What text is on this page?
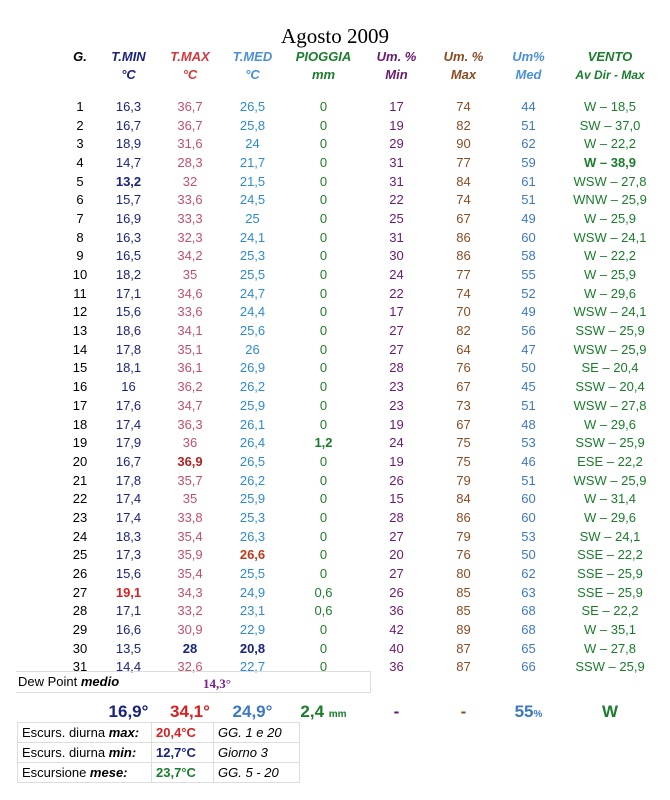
Agosto 2009
G.	T.MIN	T.MAX	T.MED	PIOGGIA	Um. %	Um. %	Um%	VENTO
	°C	°C	°C	mm	Min	Max	Med	Av Dir - Max

1	16,3	36,7	26,5	0	17	74	44	W – 18,5
2	16,7	36,7	25,8	0	19	82	51	SW – 37,0
3	18,9	31,6	24	0	29	90	62	W – 22,2
4	14,7	28,3	21,7	0	31	77	59	W – 38,9
5	13,2	32	21,5	0	31	84	61	WSW – 27,8
6	15,7	33,6	24,5	0	22	74	51	WNW – 25,9
7	16,9	33,3	25	0	25	67	49	W – 25,9
8	16,3	32,3	24,1	0	31	86	60	WSW – 24,1
9	16,5	34,2	25,3	0	30	86	58	W – 22,2
10	18,2	35	25,5	0	24	77	55	W – 25,9
11	17,1	34,6	24,7	0	22	74	52	W – 29,6
12	15,6	33,6	24,4	0	17	70	49	WSW – 24,1
13	18,6	34,1	25,6	0	27	82	56	SSW – 25,9
14	17,8	35,1	26	0	27	64	47	WSW – 25,9
15	18,1	36,1	26,9	0	28	76	50	SE – 20,4
16	16	36,2	26,2	0	23	67	45	SSW – 20,4
17	17,6	34,7	25,9	0	23	73	51	WSW – 27,8
18	17,4	36,3	26,1	0	19	67	48	W – 29,6
19	17,9	36	26,4	1,2	24	75	53	SSW – 25,9
20	16,7	36,9	26,5	0	19	75	46	ESE – 22,2
21	17,8	35,7	26,2	0	26	79	51	WSW – 25,9
22	17,4	35	25,9	0	15	84	60	W – 31,4
23	17,4	33,8	25,3	0	28	86	60	W – 29,6
24	18,3	35,4	26,3	0	27	79	53	SW – 24,1
25	17,3	35,9	26,6	0	20	76	50	SSE – 22,2
26	15,6	35,4	25,5	0	27	80	62	SSE – 25,9
27	19,1	34,3	24,9	0,6	26	85	63	SSE – 25,9
28	17,1	33,2	23,1	0,6	36	85	68	SE – 22,2
29	16,6	30,9	22,9	0	42	89	68	W – 35,1
30	13,5	28	20,8	0	40	87	65	W – 27,8
31	14,4	32,6	22,7	0	36	87	66	SSW – 25,9

	16,9°	34,1°	24,9°	2,4 mm	-	-	55%	W
Dew Point medio	14,3°
Escurs. diurna max:	20,4°C	GG. 1 e 20
Escurs. diurna min:	12,7°C	Giorno 3
Escursione mese:	23,7°C	GG. 5 - 20
